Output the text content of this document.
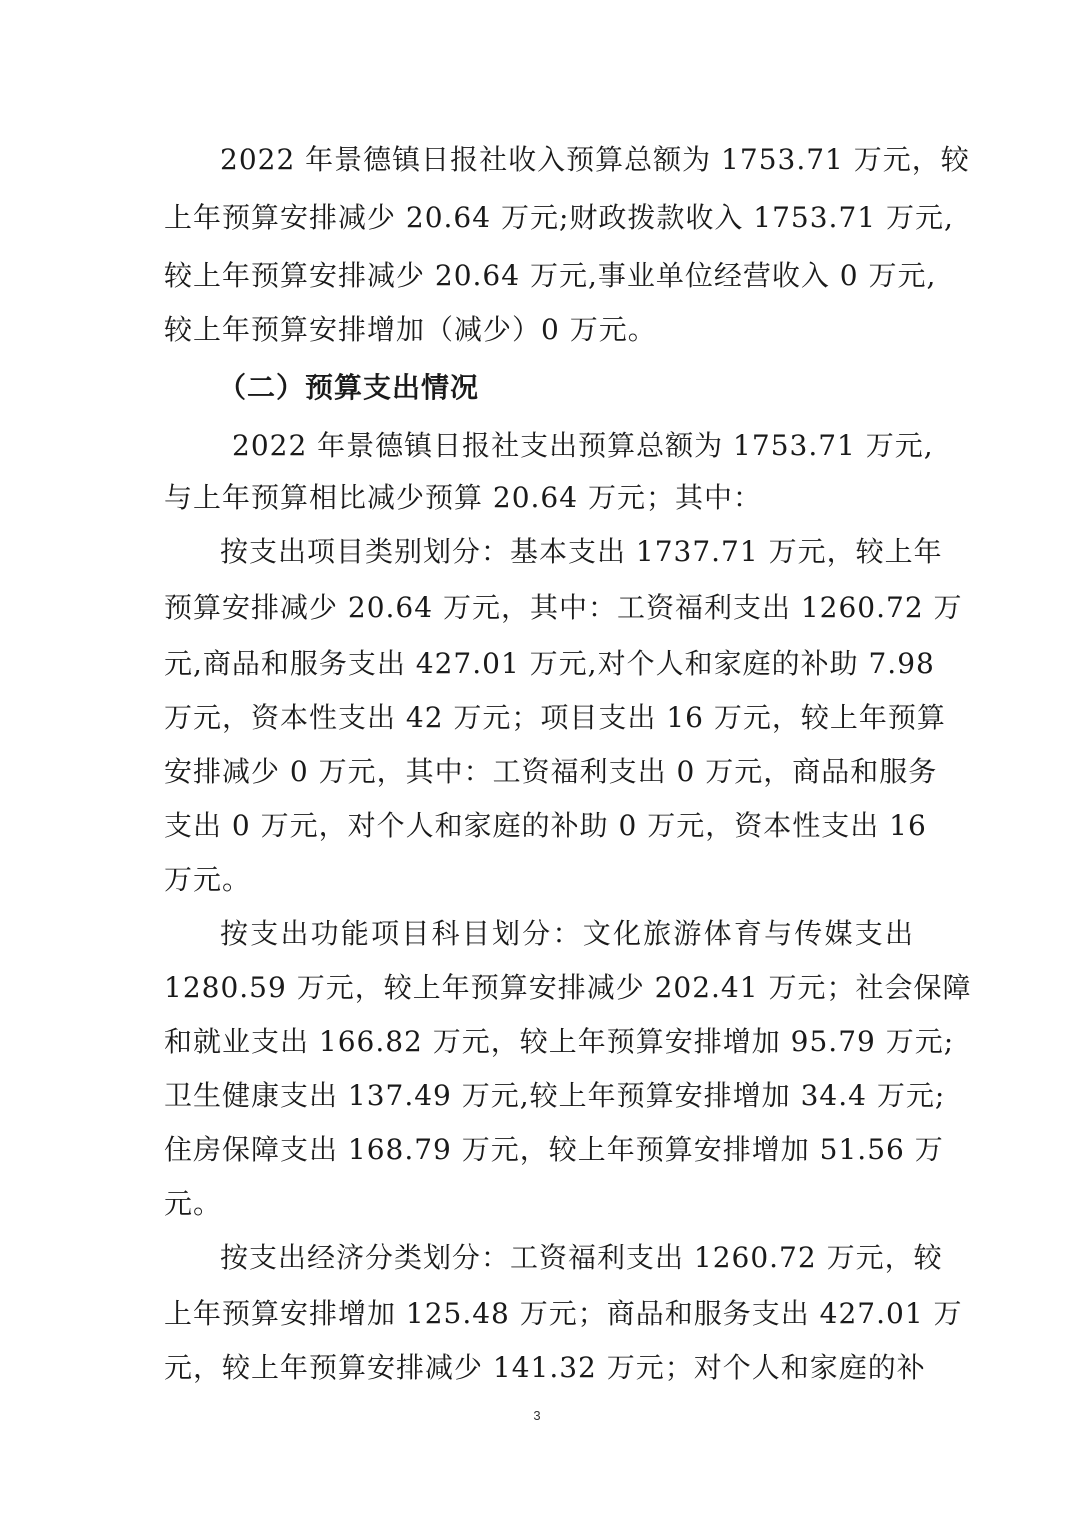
2022 年景德镇日报社收入预算总额为 1753.71 万元，较
上年预算安排减少 20.64 万元;财政拨款收入 1753.71 万元,
较上年预算安排减少 20.64 万元,事业单位经营收入 0 万元,
较上年预算安排增加（减少）0 万元。
（二）预算支出情况
2022 年景德镇日报社支出预算总额为 1753.71 万元,
与上年预算相比减少预算 20.64 万元；其中：
按支出项目类别划分：基本支出 1737.71 万元，较上年
预算安排减少 20.64 万元，其中：工资福利支出 1260.72 万
元,商品和服务支出 427.01 万元,对个人和家庭的补助 7.98
万元，资本性支出 42 万元；项目支出 16 万元，较上年预算
安排减少 0 万元，其中：工资福利支出 0 万元，商品和服务
支出 0 万元，对个人和家庭的补助 0 万元，资本性支出 16
万元。
按支出功能项目科目划分：文化旅游体育与传媒支出
1280.59 万元，较上年预算安排减少 202.41 万元；社会保障
和就业支出 166.82 万元，较上年预算安排增加 95.79 万元;
卫生健康支出 137.49 万元,较上年预算安排增加 34.4 万元;
住房保障支出 168.79 万元，较上年预算安排增加 51.56 万
元。
按支出经济分类划分：工资福利支出 1260.72 万元，较
上年预算安排增加 125.48 万元；商品和服务支出 427.01 万
元，较上年预算安排减少 141.32 万元；对个人和家庭的补
3
